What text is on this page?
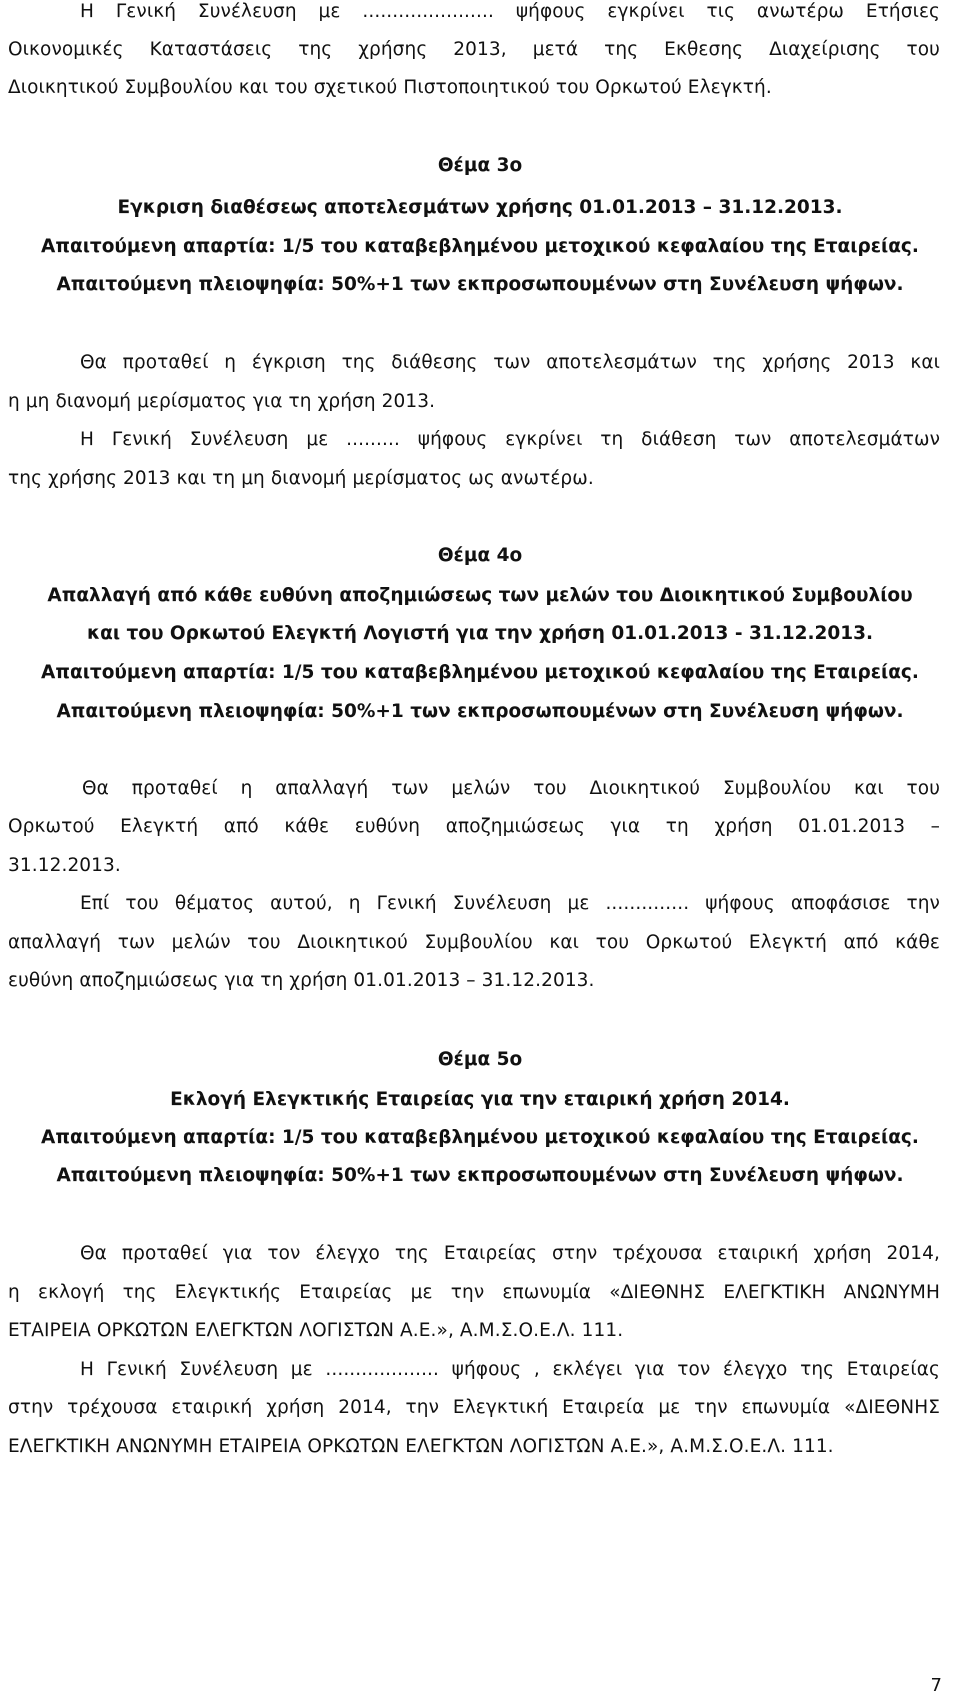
Η Γενική Συνέλευση με ...................... ψήφους εγκρίνει τις ανωτέρω Ετήσιες
Οικονομικές Καταστάσεις της χρήσης 2013, μετά της Εκθεσης Διαχείρισης του
Διοικητικού Συμβουλίου και του σχετικού Πιστοποιητικού του Ορκωτού Ελεγκτή.
Θέμα 3ο
Εγκριση διαθέσεως αποτελεσμάτων χρήσης 01.01.2013 – 31.12.2013.
Απαιτούμενη απαρτία: 1/5 του καταβεβλημένου μετοχικού κεφαλαίου της Εταιρείας.
Απαιτούμενη πλειοψηφία: 50%+1 των εκπροσωπουμένων στη Συνέλευση ψήφων.
Θα προταθεί η έγκριση της διάθεσης των αποτελεσμάτων της χρήσης 2013 και
η μη διανομή μερίσματος για τη χρήση 2013.
Η Γενική Συνέλευση με ......... ψήφους εγκρίνει τη διάθεση των αποτελεσμάτων
της χρήσης 2013 και τη μη διανομή μερίσματος ως ανωτέρω.
Θέμα 4ο
Απαλλαγή από κάθε ευθύνη αποζημιώσεως των μελών του Διοικητικού Συμβουλίου
και του Ορκωτού Ελεγκτή Λογιστή για την χρήση 01.01.2013 - 31.12.2013.
Απαιτούμενη απαρτία: 1/5 του καταβεβλημένου μετοχικού κεφαλαίου της Εταιρείας.
Απαιτούμενη πλειοψηφία: 50%+1 των εκπροσωπουμένων στη Συνέλευση ψήφων.
Θα προταθεί η απαλλαγή των μελών του Διοικητικού Συμβουλίου και του
Ορκωτού Ελεγκτή από κάθε ευθύνη αποζημιώσεως για τη χρήση 01.01.2013 –
31.12.2013.
Επί του θέματος αυτού, η Γενική Συνέλευση με .............. ψήφους αποφάσισε την
απαλλαγή των μελών του Διοικητικού Συμβουλίου και του Ορκωτού Ελεγκτή από κάθε
ευθύνη αποζημιώσεως για τη χρήση 01.01.2013 – 31.12.2013.
Θέμα 5ο
Εκλογή Ελεγκτικής Εταιρείας για την εταιρική χρήση 2014.
Απαιτούμενη απαρτία: 1/5 του καταβεβλημένου μετοχικού κεφαλαίου της Εταιρείας.
Απαιτούμενη πλειοψηφία: 50%+1 των εκπροσωπουμένων στη Συνέλευση ψήφων.
Θα προταθεί για τον έλεγχο της Εταιρείας στην τρέχουσα εταιρική χρήση 2014,
η εκλογή της Ελεγκτικής Εταιρείας με την επωνυμία «ΔΙΕΘΝΗΣ ΕΛΕΓΚΤΙΚΗ ΑΝΩΝΥΜΗ
ΕΤΑΙΡΕΙΑ ΟΡΚΩΤΩΝ ΕΛΕΓΚΤΩΝ ΛΟΓΙΣΤΩΝ Α.Ε.», Α.Μ.Σ.Ο.Ε.Λ. 111.
Η Γενική Συνέλευση με ................... ψήφους , εκλέγει για τον έλεγχο της Εταιρείας
στην τρέχουσα εταιρική χρήση 2014, την Ελεγκτική Εταιρεία με την επωνυμία «ΔΙΕΘΝΗΣ
ΕΛΕΓΚΤΙΚΗ ΑΝΩΝΥΜΗ ΕΤΑΙΡΕΙΑ ΟΡΚΩΤΩΝ ΕΛΕΓΚΤΩΝ ΛΟΓΙΣΤΩΝ Α.Ε.», Α.Μ.Σ.Ο.Ε.Λ. 111.
7
